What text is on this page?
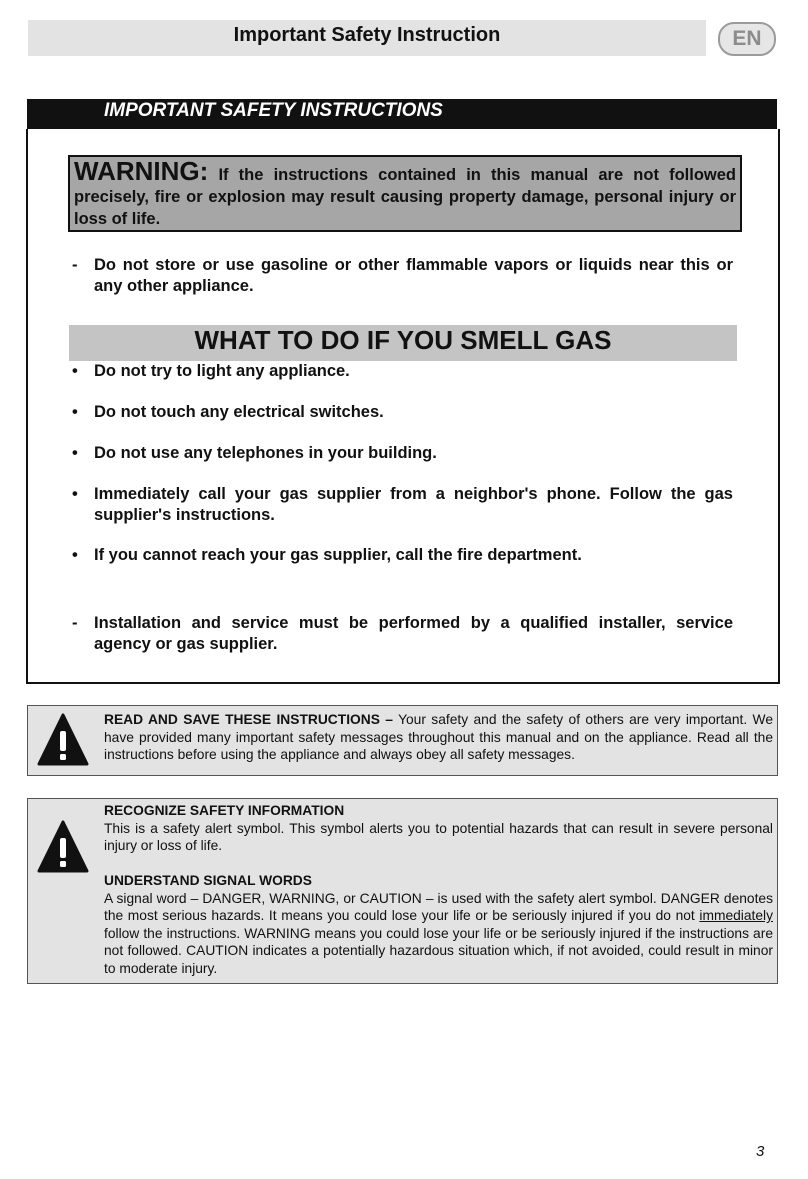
Important Safety Instruction	EN
IMPORTANT SAFETY INSTRUCTIONS
WARNING: If the instructions contained in this manual are not followed precisely, fire or explosion may result causing property damage, personal injury or loss of life.
-	Do not store or use gasoline or other flammable vapors or liquids near this or any other appliance.
WHAT TO DO IF YOU SMELL GAS
• Do not try to light any appliance.
• Do not touch any electrical switches.
• Do not use any telephones in your building.
• Immediately call your gas supplier from a neighbor's phone. Follow the gas supplier's instructions.
• If you cannot reach your gas supplier, call the fire department.
-	Installation and service must be performed by a qualified installer, service agency or gas supplier.
READ AND SAVE THESE INSTRUCTIONS – Your safety and the safety of others are very important. We have provided many important safety messages throughout this manual and on the appliance. Read all the instructions before using the appliance and always obey all safety messages.

RECOGNIZE SAFETY INFORMATION

This is a safety alert symbol. This symbol alerts you to potential hazards that can result in severe personal injury or loss of life.

UNDERSTAND SIGNAL WORDS

A signal word – DANGER, WARNING, or CAUTION – is used with the safety alert symbol. DANGER denotes the most serious hazards. It means you could lose your life or be seriously injured if you do not immediately follow the instructions. WARNING means you could lose your life or be seriously injured if the instructions are not followed. CAUTION indicates a potentially hazardous situation which, if not avoided, could result in minor to moderate injury.

3
